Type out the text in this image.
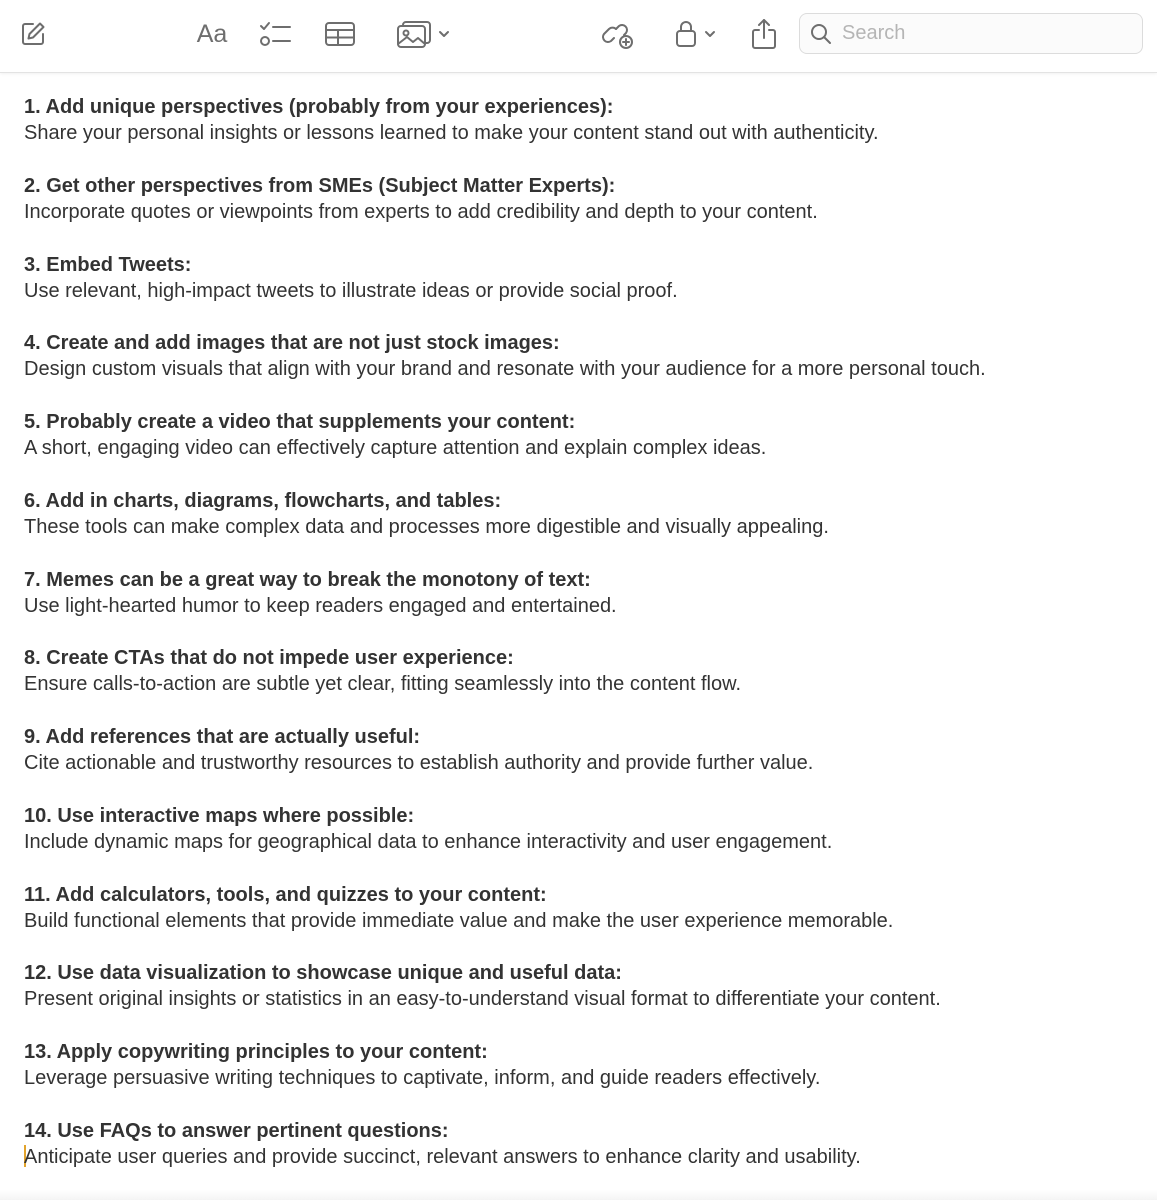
Aa
Search
1. Add unique perspectives (probably from your experiences):
Share your personal insights or lessons learned to make your content stand out with authenticity.
2. Get other perspectives from SMEs (Subject Matter Experts):
Incorporate quotes or viewpoints from experts to add credibility and depth to your content.
3. Embed Tweets:
Use relevant, high-impact tweets to illustrate ideas or provide social proof.
4. Create and add images that are not just stock images:
Design custom visuals that align with your brand and resonate with your audience for a more personal touch.
5. Probably create a video that supplements your content:
A short, engaging video can effectively capture attention and explain complex ideas.
6. Add in charts, diagrams, flowcharts, and tables:
These tools can make complex data and processes more digestible and visually appealing.
7. Memes can be a great way to break the monotony of text:
Use light-hearted humor to keep readers engaged and entertained.
8. Create CTAs that do not impede user experience:
Ensure calls-to-action are subtle yet clear, fitting seamlessly into the content flow.
9. Add references that are actually useful:
Cite actionable and trustworthy resources to establish authority and provide further value.
10. Use interactive maps where possible:
Include dynamic maps for geographical data to enhance interactivity and user engagement.
11. Add calculators, tools, and quizzes to your content:
Build functional elements that provide immediate value and make the user experience memorable.
12. Use data visualization to showcase unique and useful data:
Present original insights or statistics in an easy-to-understand visual format to differentiate your content.
13. Apply copywriting principles to your content:
Leverage persuasive writing techniques to captivate, inform, and guide readers effectively.
14. Use FAQs to answer pertinent questions:
Anticipate user queries and provide succinct, relevant answers to enhance clarity and usability.
